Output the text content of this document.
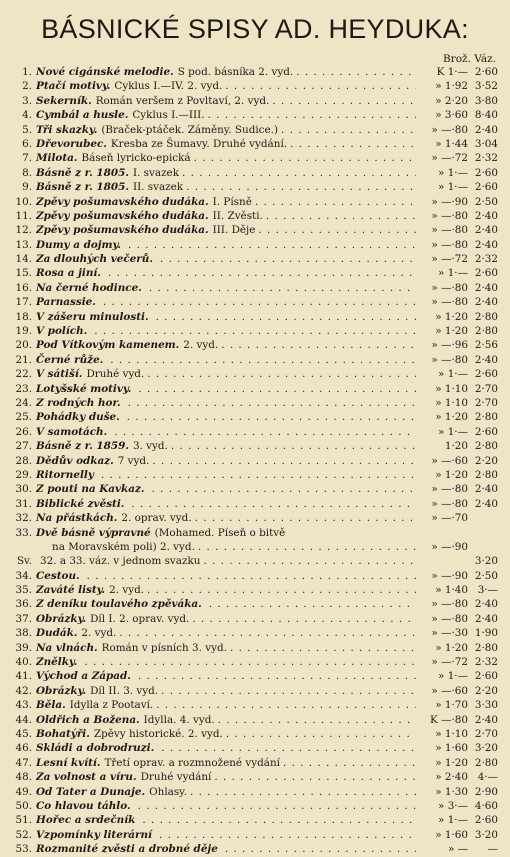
BÁSNICKÉ SPISY AD. HEYDUKA:
Brož. Váz.
1. Nové cigánské melodie. S pod. básníka 2. vyd. . . .	K 1·— 2·60
2. Ptačí motivy. Cyklus I.—IV. 2. vyd. . . .	» 1·92 3·52
3. Sekerník. Román veršem z Povltaví, 2. vyd. . . .	» 2·20 3·80
4. Cymbál a husle. Cyklus I.—III. . . .	» 3·60 8·40
5. Tři skazky. (Braček-ptáček. Záměny. Sudice.) . . .	» —·80 2·40
6. Dřevorubec. Kresba ze Šumavy. Druhé vydání. . . .	» 1·44 3·04
7. Milota. Báseň lyricko-epická . . .	» —·72 2·32
8. Básně z r. 1805. I. svazek . . .	» 1·— 2·60
9. Básně z r. 1805. II. svazek . . .	» 1·— 2·60
10. Zpěvy pošumavského dudáka. I. Písně . . .	» —·90 2·50
11. Zpěvy pošumavského dudáka. II. Zvěsti. . . .	» —·80 2·40
12. Zpěvy pošumavského dudáka. III. Děje . . .	» —·80 2·40
13. Dumy a dojmy. . . .	» —·80 2·40
14. Za dlouhých večerů. . . .	» —·72 2·32
15. Rosa a jiní. . . .	» 1·— 2·60
16. Na černé hodince. . . .	» —·80 2·40
17. Parnassie. . . .	» —·80 2·40
18. V zášeru minulosti. . . .	» 1·20 2·80
19. V polích. . . .	» 1·20 2·80
20. Pod Vítkovým kamenem. 2. vyd. . . .	» —·96 2·56
21. Černé růže. . . .	» —·80 2·40
22. V sátiší. Druhé vyd. . . .	» 1·— 2·60
23. Lotyšské motivy. . . .	» 1·10 2·70
24. Z rodných hor. . . .	» 1·10 2·70
25. Pohádky duše. . . .	» 1·20 2·80
26. V samotách. . . .	» 1·— 2·60
27. Básně z r. 1859. 3. vyd. . . .	1·20 2·80
28. Dědův odkaz. 7 vyd. . . .	» —·60 2·20
29. Ritornelly . . .	» 1·20 2·80
30. Z pouti na Kavkaz. . . .	» —·80 2·40
31. Biblické zvěsti. . . .	» —·80 2·40
32. Na přástkách. 2. oprav. vyd. . . .	» —·70
33. Dvě básně výpravné (Mohamed. Píseň o bitvě
na Moravském poli) 2. vyd. . . .	» —·90
Sv. 32. a 33. váz. v jednom svazku . . .	3·20
34. Cestou. . . .	» —·90 2·50
35. Zaváté listy. 2. vyd. . . .	» 1·40 3·—
36. Z deníku toulavého zpěváka. . . .	» —·80 2·40
37. Obrázky. Díl I. 2. oprav. vyd. . . .	» —·80 2·40
38. Dudák. 2. vyd. . . .	» —·30 1·90
39. Na vlnách. Román v písních 3. vyd. . . .	» 1·20 2·80
40. Znělky. . . .	» —·72 2·32
41. Východ a Západ. . . .	» 1·— 2·60
42. Obrázky. Díl II. 3. vyd. . . .	» —·60 2·20
43. Běla. Idylla z Pootaví. . . .	» 1·70 3·30
44. Oldřich a Božena. Idylla. 4. vyd. . . .	K —·80 2·40
45. Bohatýři. Zpěvy historické. 2. vyd. . . .	» 1·10 2·70
46. Skládi a dobrodruzi. . . .	» 1·60 3·20
47. Lesní kvítí. Třetí oprav. a rozmnožené vydání . . .	» 1·20 2·80
48. Za volnost a víru. Druhé vydání . . .	» 2·40 4·—
49. Od Tater a Dunaje. Ohlasy. . . .	» 1·30 2·90
50. Co hlavou táhlo. . . .	» 3·— 4·60
51. Hořec a srdečník . . .	» 1·— 2·60
52. Vzpomínky literární . . .	» 1·60 3·20
53. Rozmanité zvěsti a drobné děje . . .	» —	—
